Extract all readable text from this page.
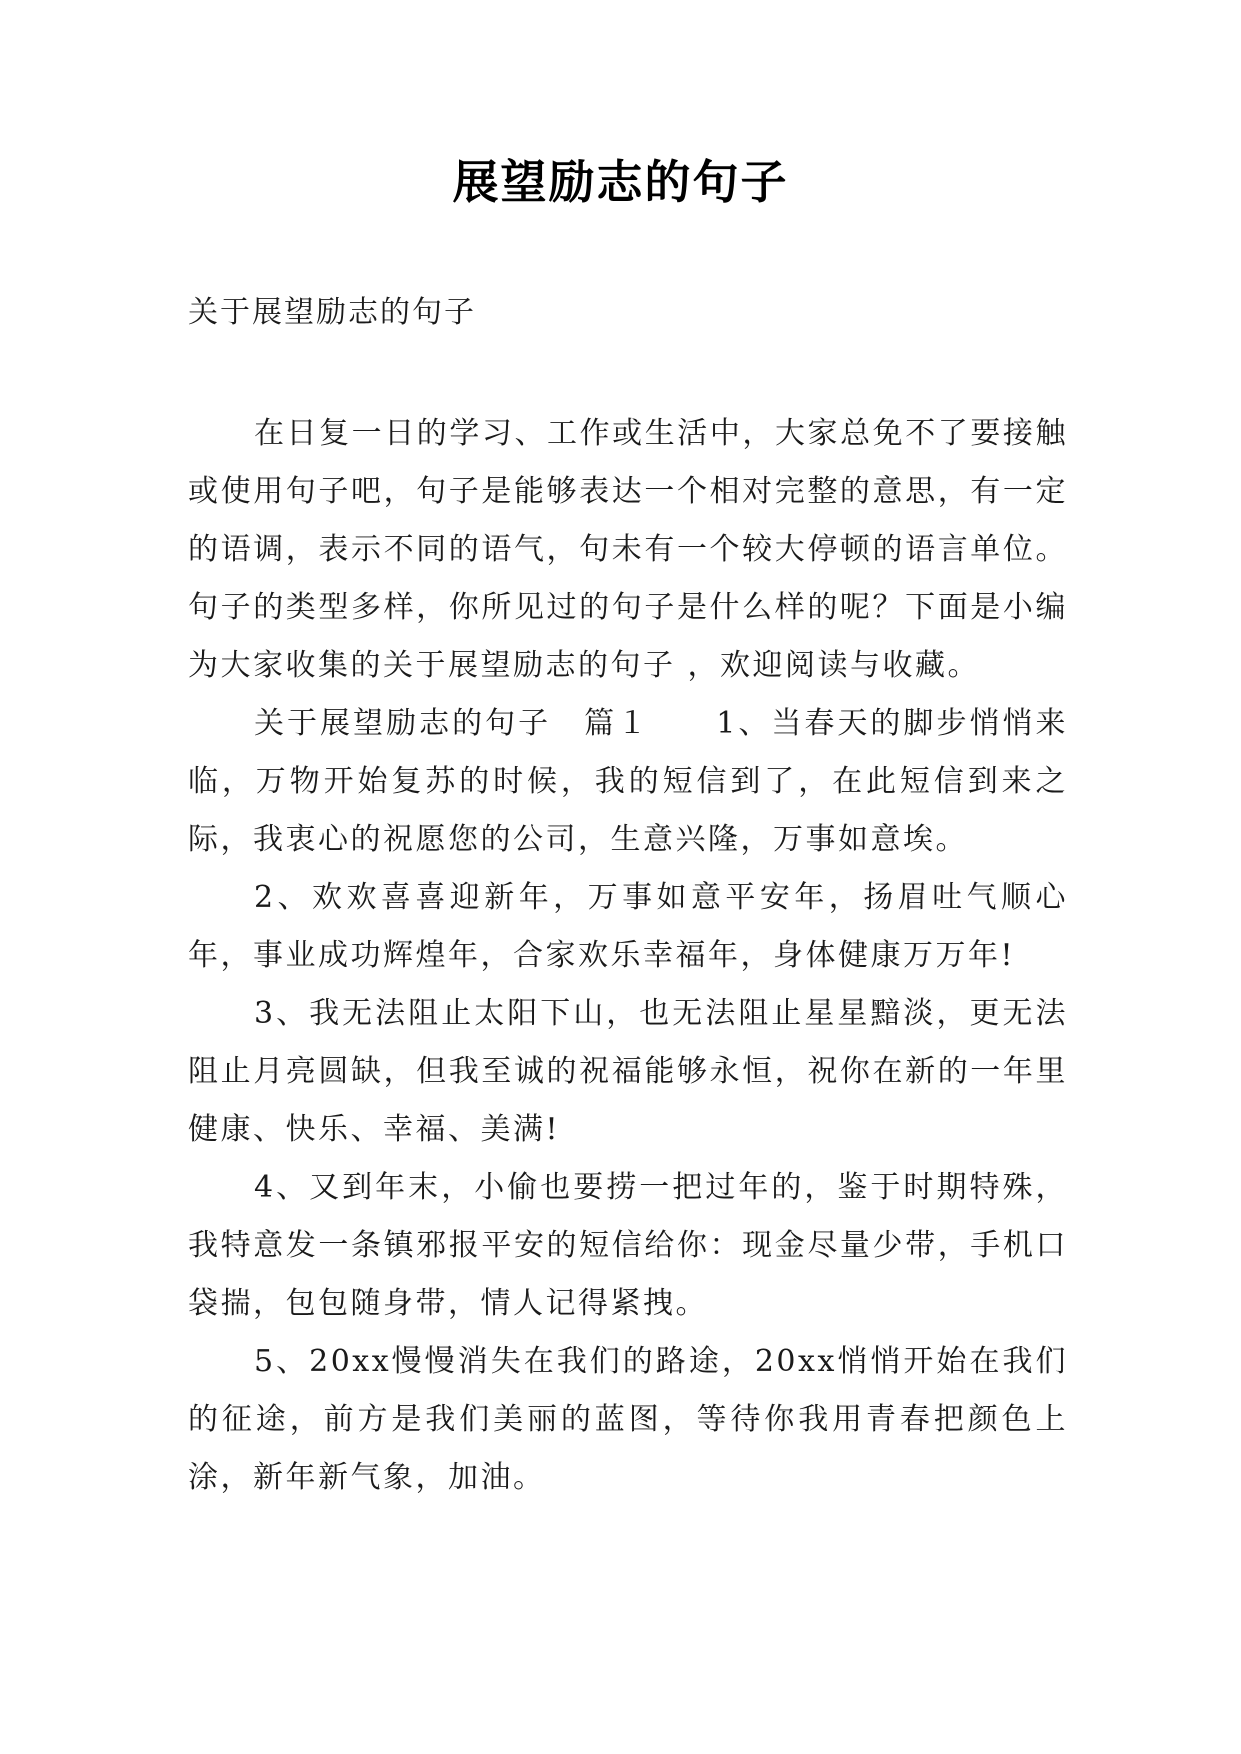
展望励志的句子
关于展望励志的句子

在日复一日的学习、工作或生活中，大家总免不了要接触或使用句子吧，句子是能够表达一个相对完整的意思，有一定的语调，表示不同的语气，句未有一个较大停顿的语言单位。句子的类型多样，你所见过的句子是什么样的呢？下面是小编为大家收集的关于展望励志的句子 ，欢迎阅读与收藏。

关于展望励志的句子　篇１　　1、当春天的脚步悄悄来临，万物开始复苏的时候，我的短信到了，在此短信到来之际，我衷心的祝愿您的公司，生意兴隆，万事如意埃。

2、欢欢喜喜迎新年，万事如意平安年，扬眉吐气顺心年，事业成功辉煌年，合家欢乐幸福年，身体健康万万年!

3、我无法阻止太阳下山，也无法阻止星星黯淡，更无法阻止月亮圆缺，但我至诚的祝福能够永恒，祝你在新的一年里健康、快乐、幸福、美满!

4、又到年末，小偷也要捞一把过年的，鉴于时期特殊，我特意发一条镇邪报平安的短信给你：现金尽量少带，手机口袋揣，包包随身带，情人记得紧拽。

5、20xx慢慢消失在我们的路途，20xx悄悄开始在我们的征途，前方是我们美丽的蓝图，等待你我用青春把颜色上涂，新年新气象，加油。
